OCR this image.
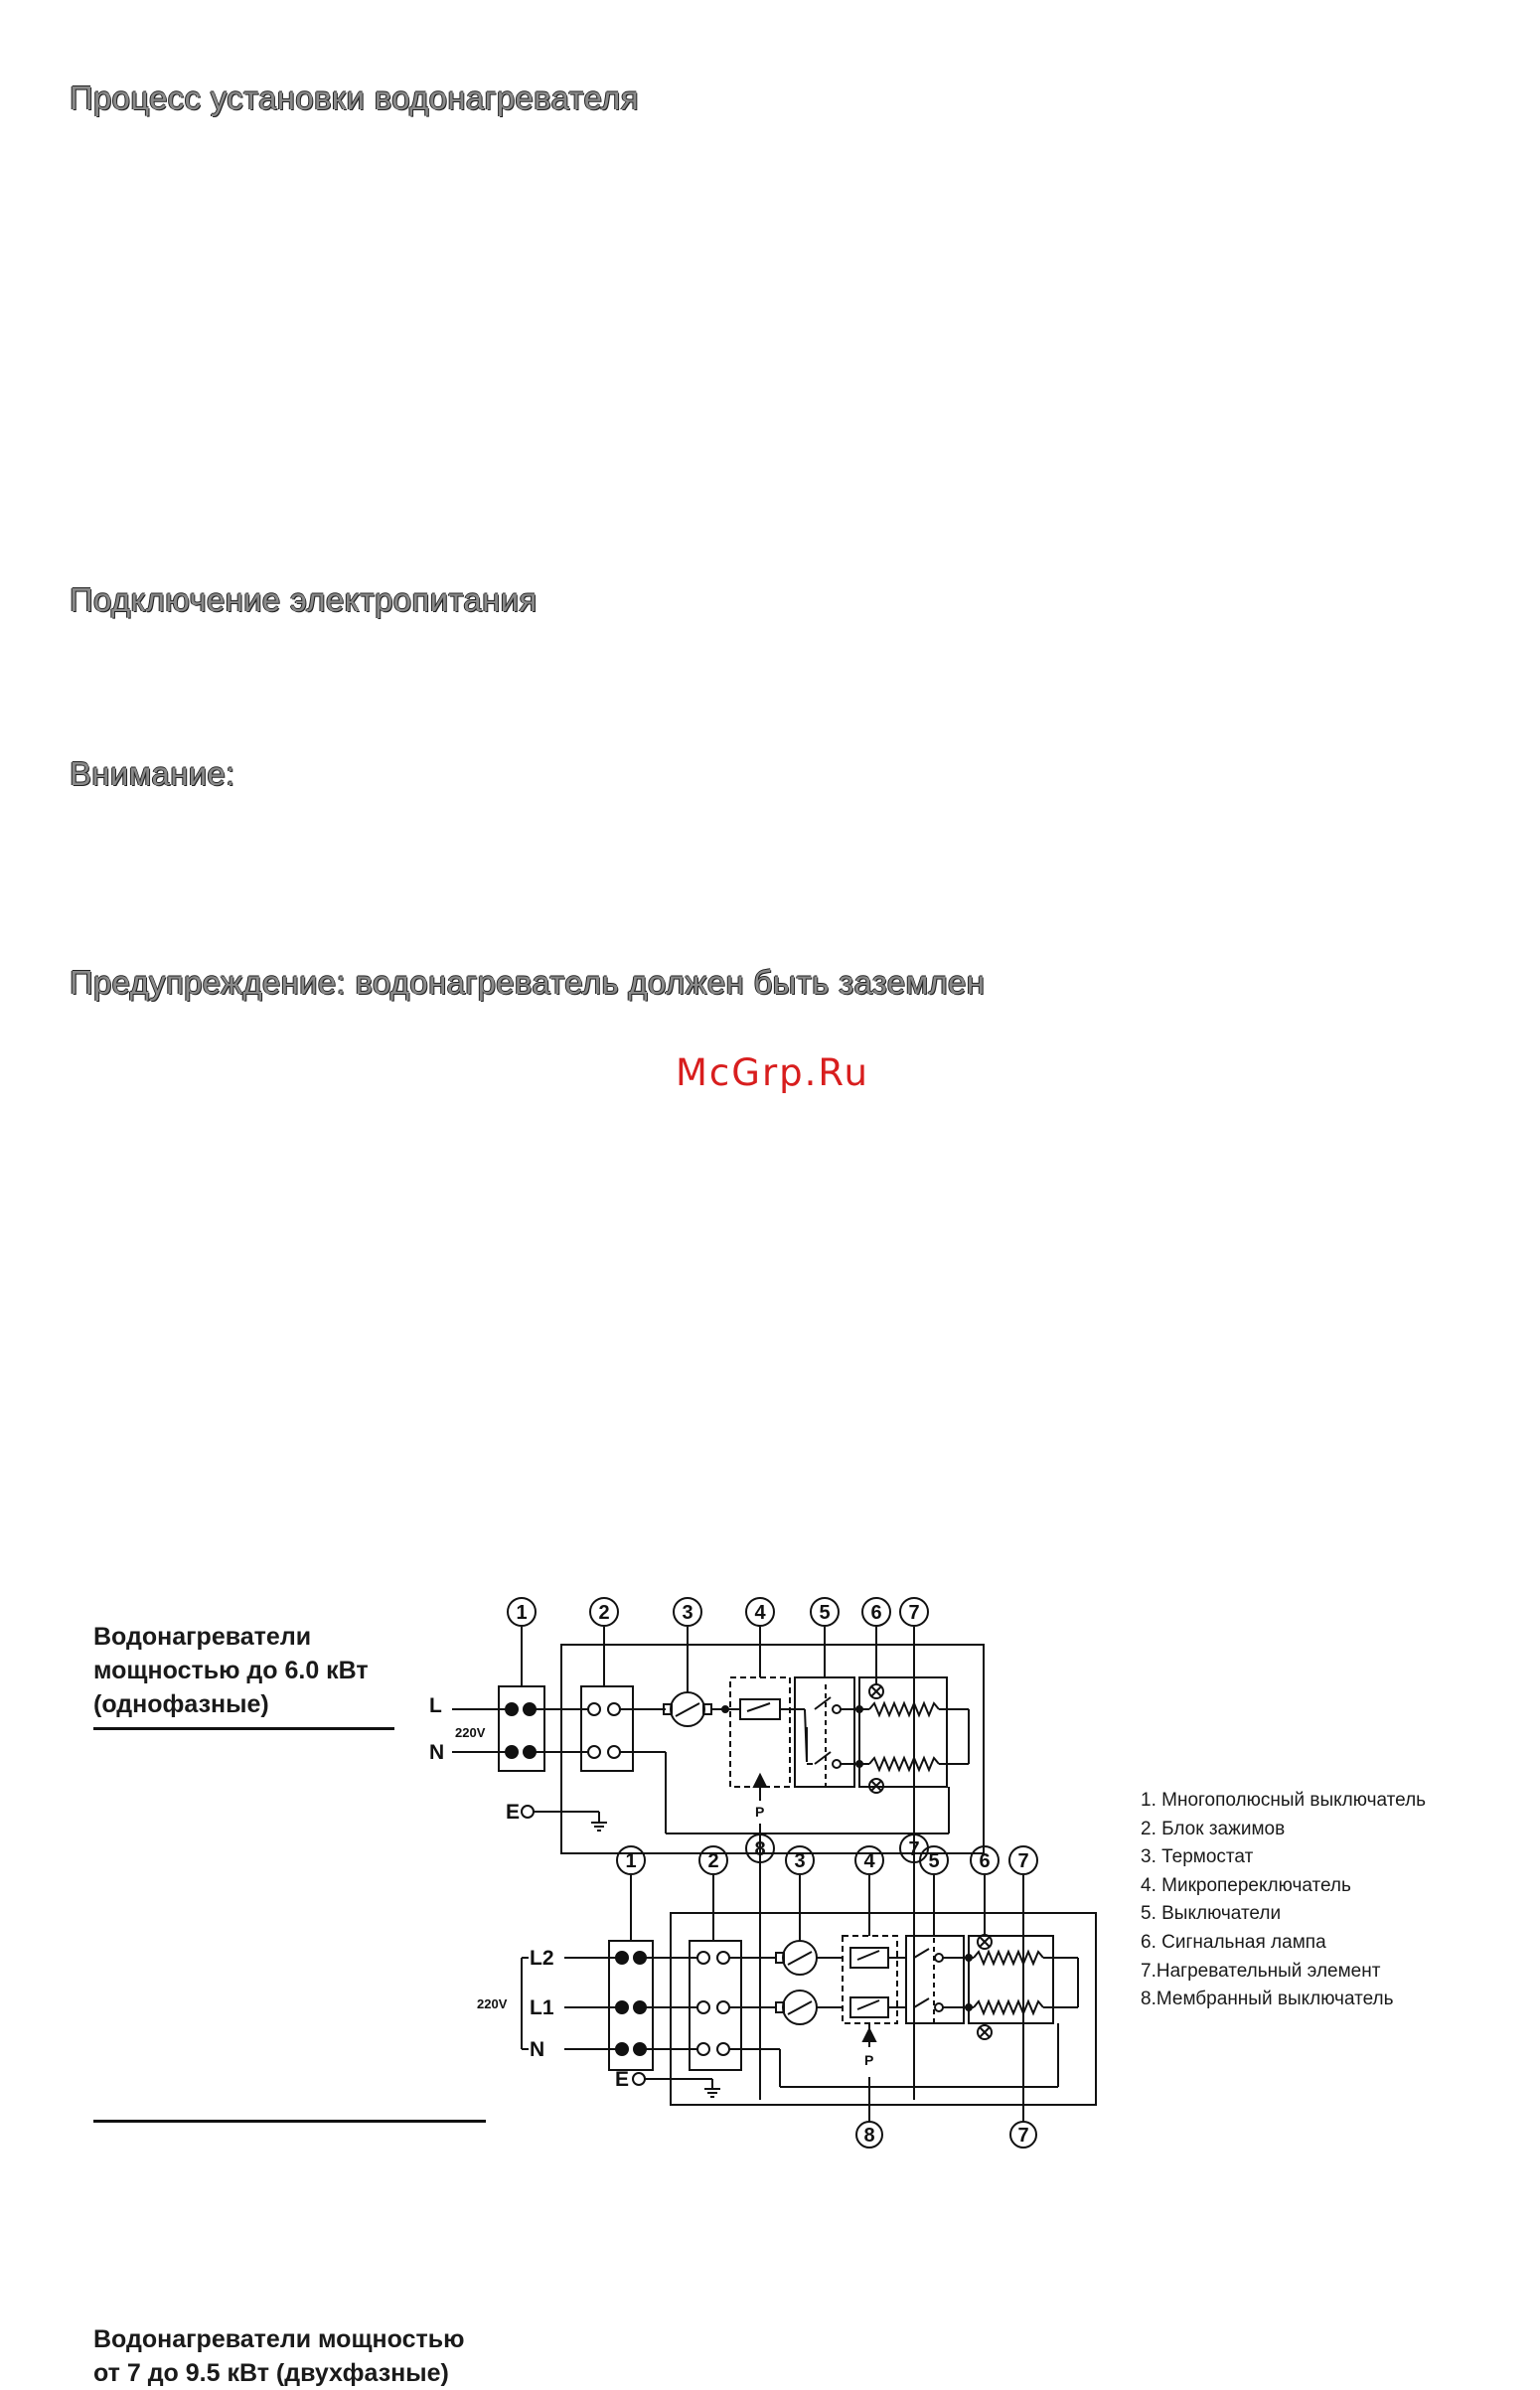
Процесс установки водонагревателя
Подключение электропитания
Внимание:
Предупреждение: водонагреватель должен быть заземлен
McGrp.Ru
Водонагреватели
мощностью до 6.0 кВт
(однофазные)
Водонагреватели мощностью
от 7 до 9.5 кВт (двухфазные)
1. Многополюсный выключатель
2. Блок зажимов
3. Термостат
4. Микропереключатель
5. Выключатели
6. Сигнальная лампа
7.Нагревательный элемент
8.Мембранный выключатель
1	2	3	4	5 6 7
8	7
L
N
220V
E	P
1	2	3	4	5 6 7
8	7
L2
L1
N
220V
E
P
